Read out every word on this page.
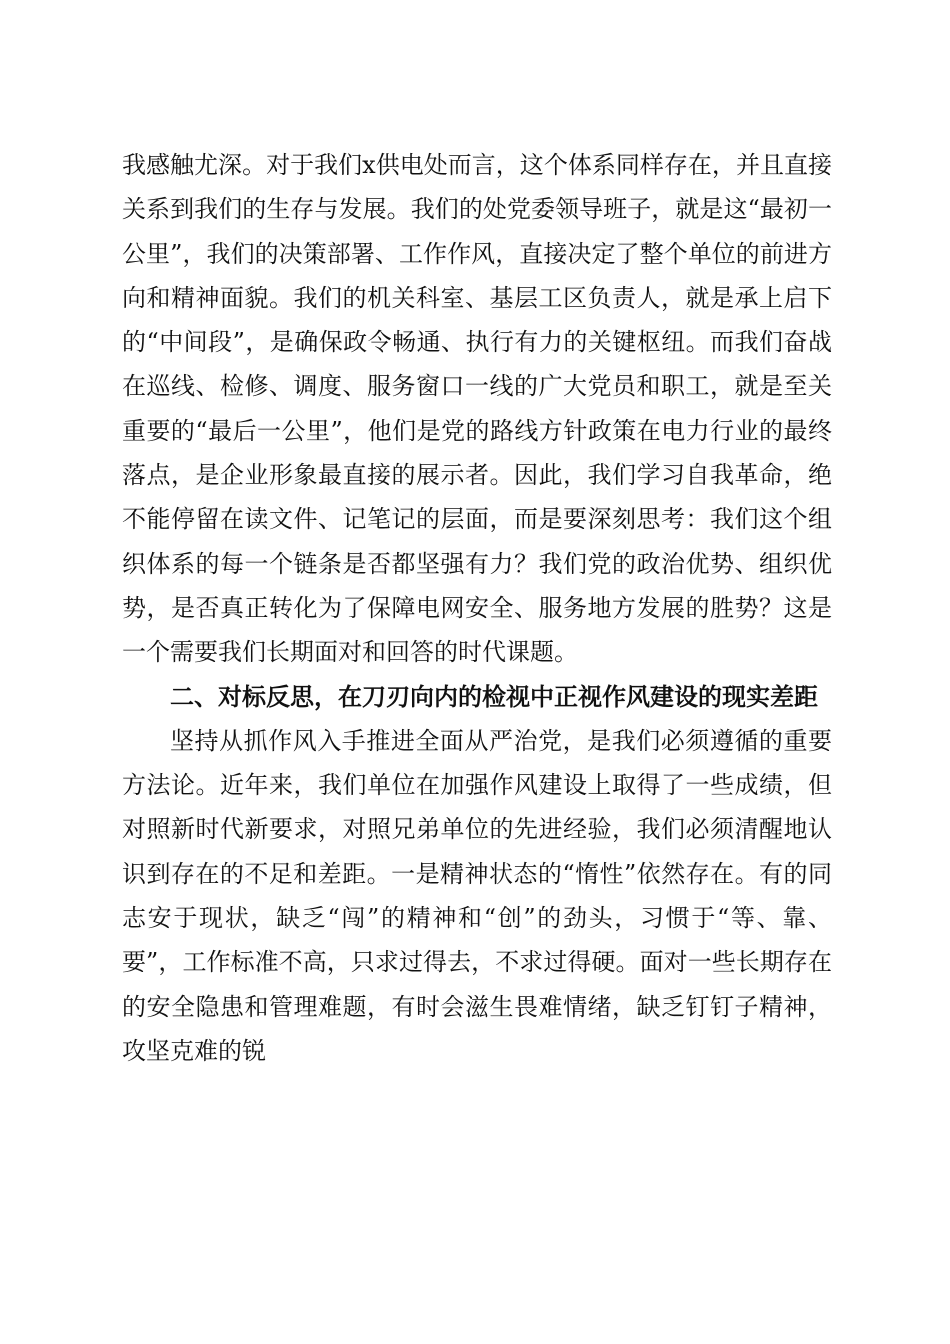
我感触尤深。对于我们x供电处而言，这个体系同样存在，并且直接关系到我们的生存与发展。我们的处党委领导班子，就是这“最初一公里”，我们的决策部署、工作作风，直接决定了整个单位的前进方向和精神面貌。我们的机关科室、基层工区负责人，就是承上启下的“中间段”，是确保政令畅通、执行有力的关键枢纽。而我们奋战在巡线、检修、调度、服务窗口一线的广大党员和职工，就是至关重要的“最后一公里”，他们是党的路线方针政策在电力行业的最终落点，是企业形象最直接的展示者。因此，我们学习自我革命，绝不能停留在读文件、记笔记的层面，而是要深刻思考：我们这个组织体系的每一个链条是否都坚强有力？我们党的政治优势、组织优势，是否真正转化为了保障电网安全、服务地方发展的胜势？这是一个需要我们长期面对和回答的时代课题。

二、对标反思，在刀刃向内的检视中正视作风建设的现实差距

坚持从抓作风入手推进全面从严治党，是我们必须遵循的重要方法论。近年来，我们单位在加强作风建设上取得了一些成绩，但对照新时代新要求，对照兄弟单位的先进经验，我们必须清醒地认识到存在的不足和差距。一是精神状态的“惰性”依然存在。有的同志安于现状，缺乏“闯”的精神和“创”的劲头，习惯于“等、靠、要”，工作标准不高，只求过得去，不求过得硬。面对一些长期存在的安全隐患和管理难题，有时会滋生畏难情绪，缺乏钉钉子精神，攻坚克难的锐
